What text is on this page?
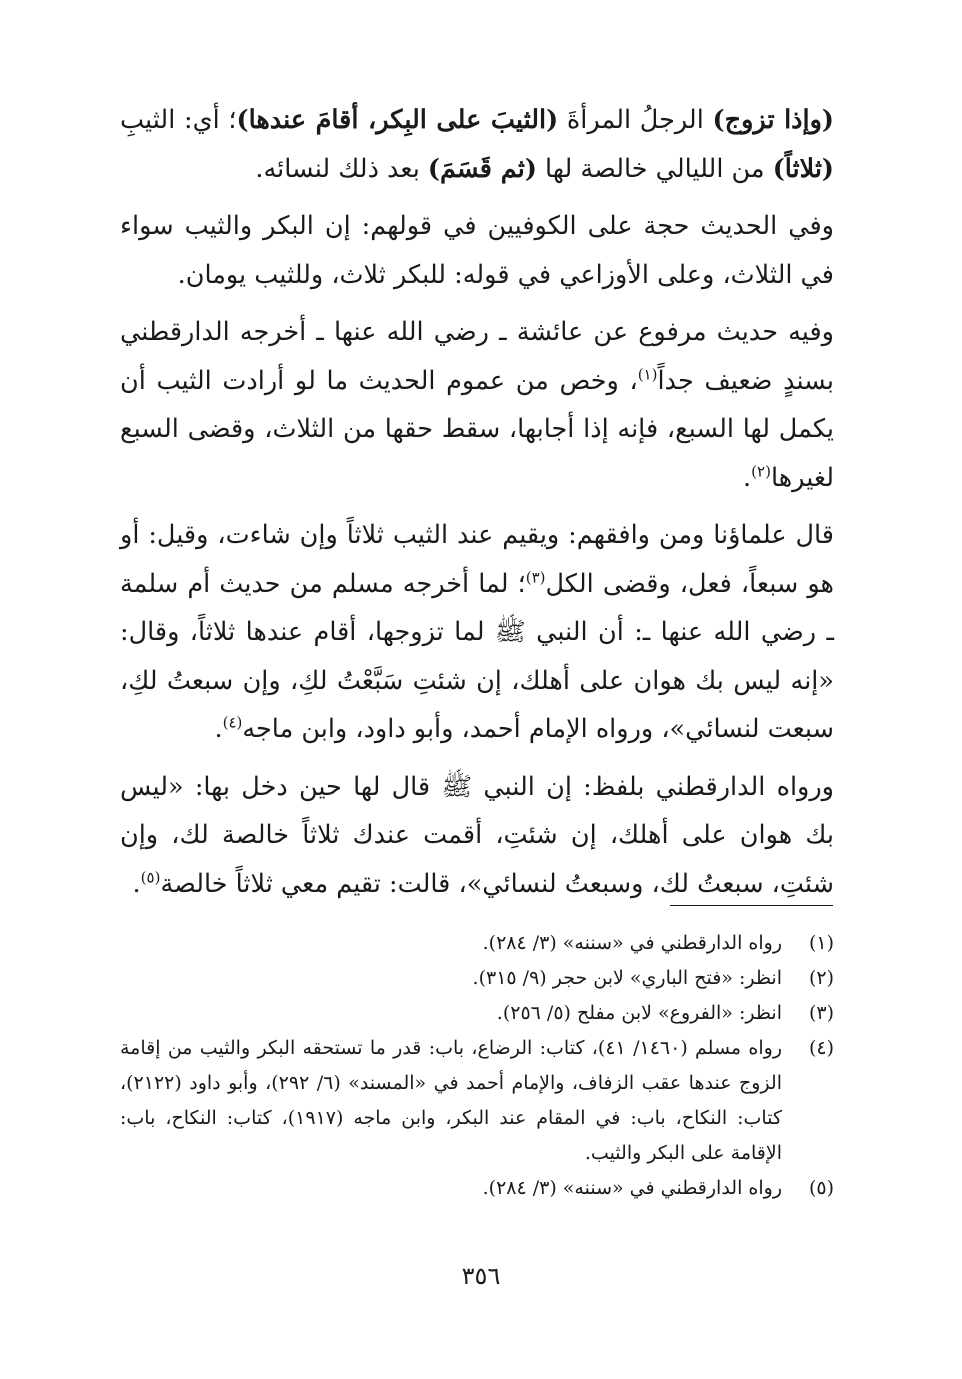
(وإذا تزوج) الرجلُ المرأةَ (الثيبَ على البِكر، أقامَ عندها)؛ أي: الثيبِ (ثلاثاً) من الليالي خالصة لها (ثم قَسَمَ) بعد ذلك لنسائه.

وفي الحديث حجة على الكوفيين في قولهم: إن البكر والثيب سواء في الثلاث، وعلى الأوزاعي في قوله: للبكر ثلاث، وللثيب يومان.

وفيه حديث مرفوع عن عائشة ـ رضي الله عنها ـ أخرجه الدارقطني بسندٍ ضعيف جداً$^{(١)}$، وخص من عموم الحديث ما لو أرادت الثيب أن يكمل لها السبع، فإنه إذا أجابها، سقط حقها من الثلاث، وقضى السبع لغيرها$^{(٢)}$.

قال علماؤنا ومن وافقهم: ويقيم عند الثيب ثلاثاً وإن شاءت، وقيل: أو هو سبعاً، فعل، وقضى الكل$^{(٣)}$؛ لما أخرجه مسلم من حديث أم سلمة ـ رضي الله عنها ـ: أن النبي ﷺ لما تزوجها، أقام عندها ثلاثاً، وقال: «إنه ليس بك هوان على أهلك، إن شئتِ سَبَّعْتُ لكِ، وإن سبعتُ لكِ، سبعت لنسائي»، ورواه الإمام أحمد، وأبو داود، وابن ماجه$^{(٤)}$.

ورواه الدارقطني بلفظ: إن النبي ﷺ قال لها حين دخل بها: «ليس بك هوان على أهلك، إن شئتِ، أقمت عندك ثلاثاً خالصة لك، وإن شئتِ، سبعتُ لك، وسبعتُ لنسائي»، قالت: تقيم معي ثلاثاً خالصة$^{(٥)}$.

(١)
رواه الدارقطني في «سننه» (٣/ ٢٨٤).
(٢)
انظر: «فتح الباري» لابن حجر (٩/ ٣١٥).
(٣)
انظر: «الفروع» لابن مفلح (٥/ ٢٥٦).
(٤)
رواه مسلم (١٤٦٠/ ٤١)، كتاب: الرضاع، باب: قدر ما تستحقه البكر والثيب من إقامة الزوج عندها عقب الزفاف، والإمام أحمد في «المسند» (٦/ ٢٩٢)، وأبو داود (٢١٢٢)، كتاب: النكاح، باب: في المقام عند البكر، وابن ماجه (١٩١٧)، كتاب: النكاح، باب: الإقامة على البكر والثيب.
(٥)
رواه الدارقطني في «سننه» (٣/ ٢٨٤).
٣٥٦
